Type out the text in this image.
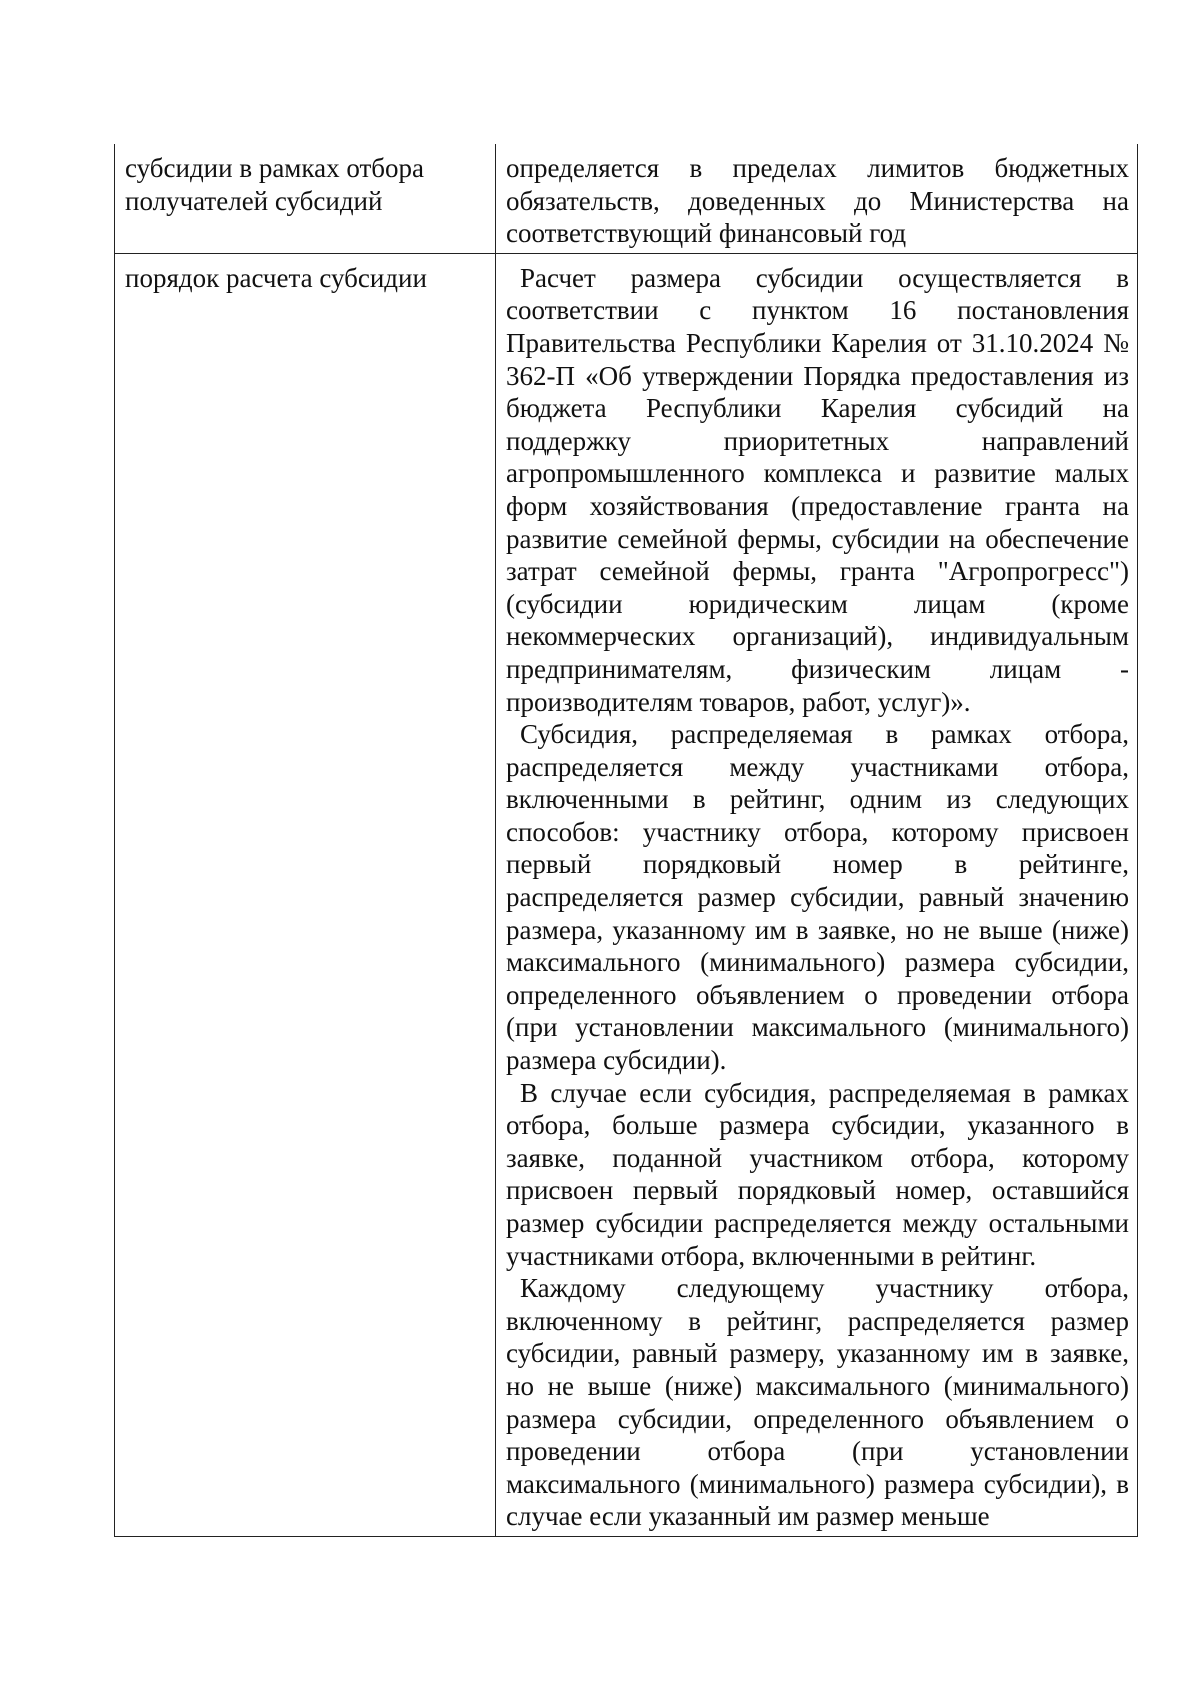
субсидии в рамках отбора получателей субсидий	определяется в пределах лимитов бюджетных обязательств, доведенных до Министерства на соответствующий финансовый год

порядок расчета субсидии	Расчет размера субсидии осуществляется в соответствии с пунктом 16 постановления Правительства Республики Карелия от 31.10.2024 № 362-П «Об утверждении Порядка предоставления из бюджета Республики Карелия субсидий на поддержку приоритетных направлений агропромышленного комплекса и развитие малых форм хозяйствования (предоставление гранта на развитие семейной фермы, субсидии на обеспечение затрат семейной фермы, гранта "Агропрогресс") (субсидии юридическим лицам (кроме некоммерческих организаций), индивидуальным предпринимателям, физическим лицам - производителям товаров, работ, услуг)».

Субсидия, распределяемая в рамках отбора, распределяется между участниками отбора, включенными в рейтинг, одним из следующих способов: участнику отбора, которому присвоен первый порядковый номер в рейтинге, распределяется размер субсидии, равный значению размера, указанному им в заявке, но не выше (ниже) максимального (минимального) размера субсидии, определенного объявлением о проведении отбора (при установлении максимального (минимального) размера субсидии).

В случае если субсидия, распределяемая в рамках отбора, больше размера субсидии, указанного в заявке, поданной участником отбора, которому присвоен первый порядковый номер, оставшийся размер субсидии распределяется между остальными участниками отбора, включенными в рейтинг.

Каждому следующему участнику отбора, включенному в рейтинг, распределяется размер субсидии, равный размеру, указанному им в заявке, но не выше (ниже) максимального (минимального) размера субсидии, определенного объявлением о проведении отбора (при установлении максимального (минимального) размера субсидии), в случае если указанный им размер меньше
